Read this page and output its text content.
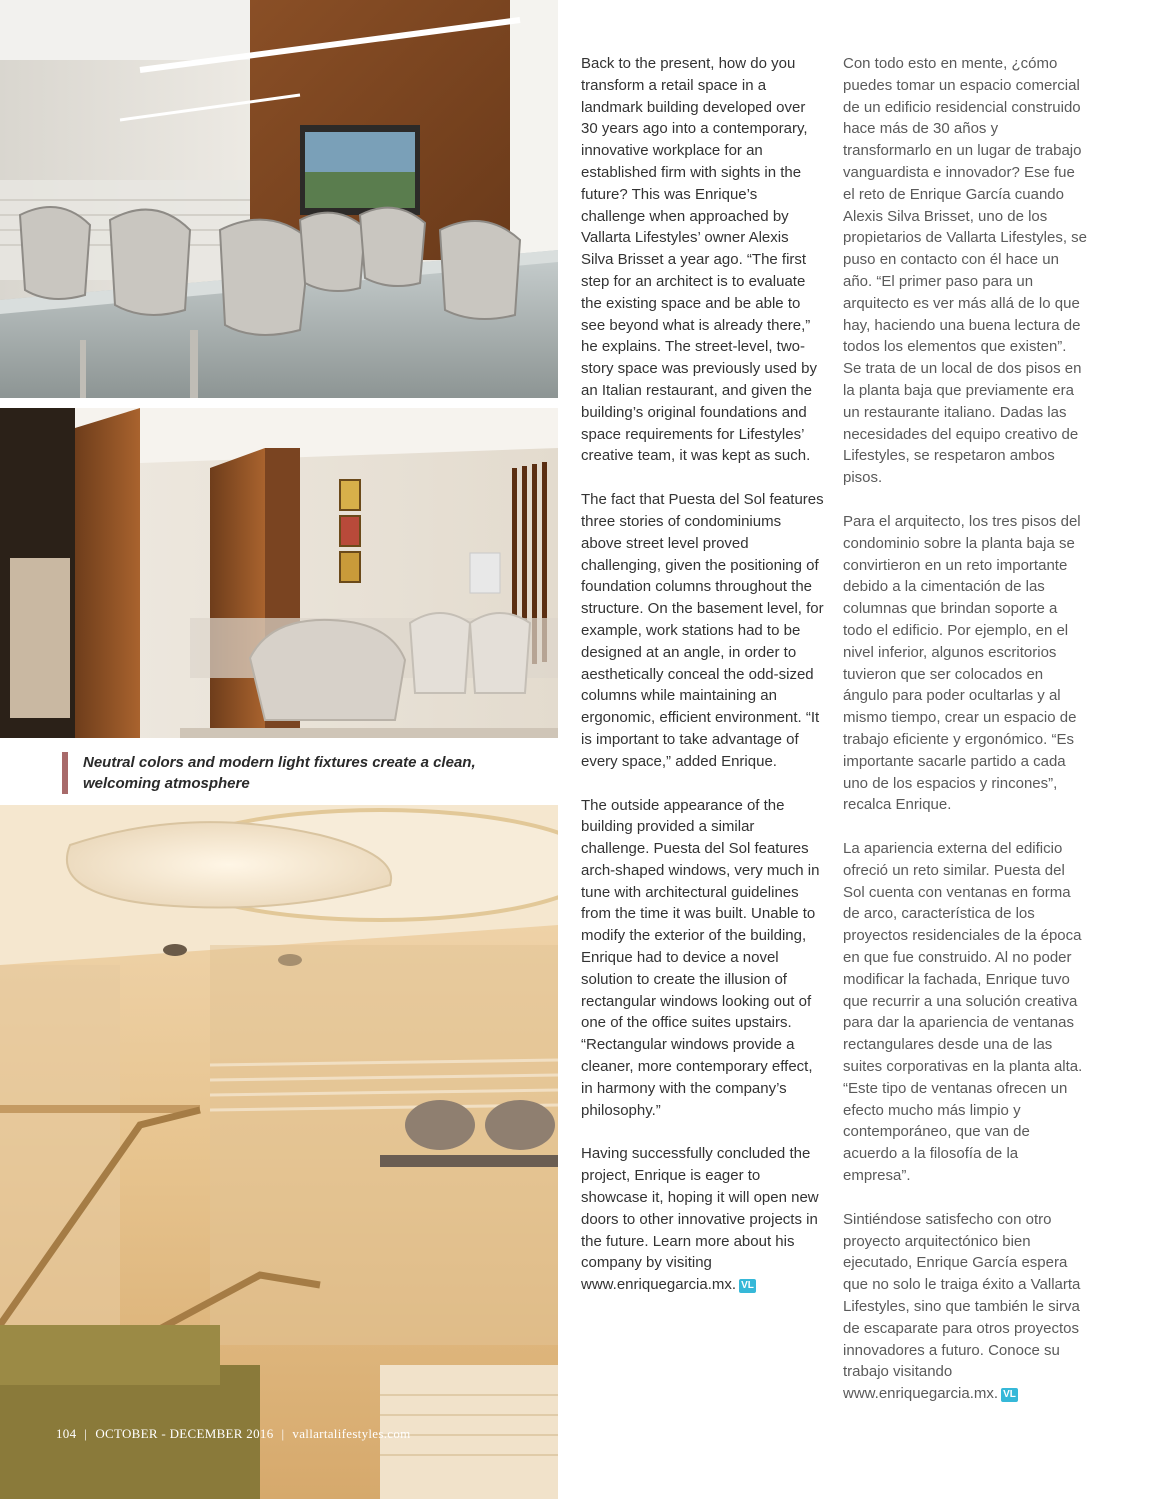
Neutral colors and modern light fixtures create a clean, welcoming atmosphere
104 | OCTOBER - DECEMBER 2016 | vallartalifestyles.com

Back to the present, how do you transform a retail space in a landmark building developed over 30 years ago into a contemporary, innovative workplace for an established firm with sights in the future? This was Enrique’s challenge when approached by Vallarta Lifestyles’ owner Alexis Silva Brisset a year ago. “The first step for an architect is to evaluate the existing space and be able to see beyond what is already there,” he explains. The street-level, two-story space was previously used by an Italian restaurant, and given the building’s original foundations and space requirements for Lifestyles’ creative team, it was kept as such.

The fact that Puesta del Sol features three stories of condominiums above street level proved challenging, given the positioning of foundation columns throughout the structure. On the basement level, for example, work stations had to be designed at an angle, in order to aesthetically conceal the odd-sized columns while maintaining an ergonomic, efficient environment. “It is important to take advantage of every space,” added Enrique.

The outside appearance of the building provided a similar challenge. Puesta del Sol features arch-shaped windows, very much in tune with architectural guidelines from the time it was built. Unable to modify the exterior of the building, Enrique had to device a novel solution to create the illusion of rectangular windows looking out of one of the office suites upstairs. “Rectangular windows provide a cleaner, more contemporary effect, in harmony with the company’s philosophy.”

Having successfully concluded the project, Enrique is eager to showcase it, hoping it will open new doors to other innovative projects in the future. Learn more about his company by visiting www.enriquegarcia.mx. VL

Con todo esto en mente, ¿cómo puedes tomar un espacio comercial de un edificio residencial construido hace más de 30 años y transformarlo en un lugar de trabajo vanguardista e innovador? Ese fue el reto de Enrique García cuando Alexis Silva Brisset, uno de los propietarios de Vallarta Lifestyles, se puso en contacto con él hace un año. “El primer paso para un arquitecto es ver más allá de lo que hay, haciendo una buena lectura de todos los elementos que existen”. Se trata de un local de dos pisos en la planta baja que previamente era un restaurante italiano. Dadas las necesidades del equipo creativo de Lifestyles, se respetaron ambos pisos.

Para el arquitecto, los tres pisos del condominio sobre la planta baja se convirtieron en un reto importante debido a la cimentación de las columnas que brindan soporte a todo el edificio. Por ejemplo, en el nivel inferior, algunos escritorios tuvieron que ser colocados en ángulo para poder ocultarlas y al mismo tiempo, crear un espacio de trabajo eficiente y ergonómico. “Es importante sacarle partido a cada uno de los espacios y rincones”, recalca Enrique.

La apariencia externa del edificio ofreció un reto similar. Puesta del Sol cuenta con ventanas en forma de arco, característica de los proyectos residenciales de la época en que fue construido. Al no poder modificar la fachada, Enrique tuvo que recurrir a una solución creativa para dar la apariencia de ventanas rectangulares desde una de las suites corporativas en la planta alta. “Este tipo de ventanas ofrecen un efecto mucho más limpio y contemporáneo, que van de acuerdo a la filosofía de la empresa”.

Sintiéndose satisfecho con otro proyecto arquitectónico bien ejecutado, Enrique García espera que no solo le traiga éxito a Vallarta Lifestyles, sino que también le sirva de escaparate para otros proyectos innovadores a futuro. Conoce su trabajo visitando www.enriquegarcia.mx. VL
